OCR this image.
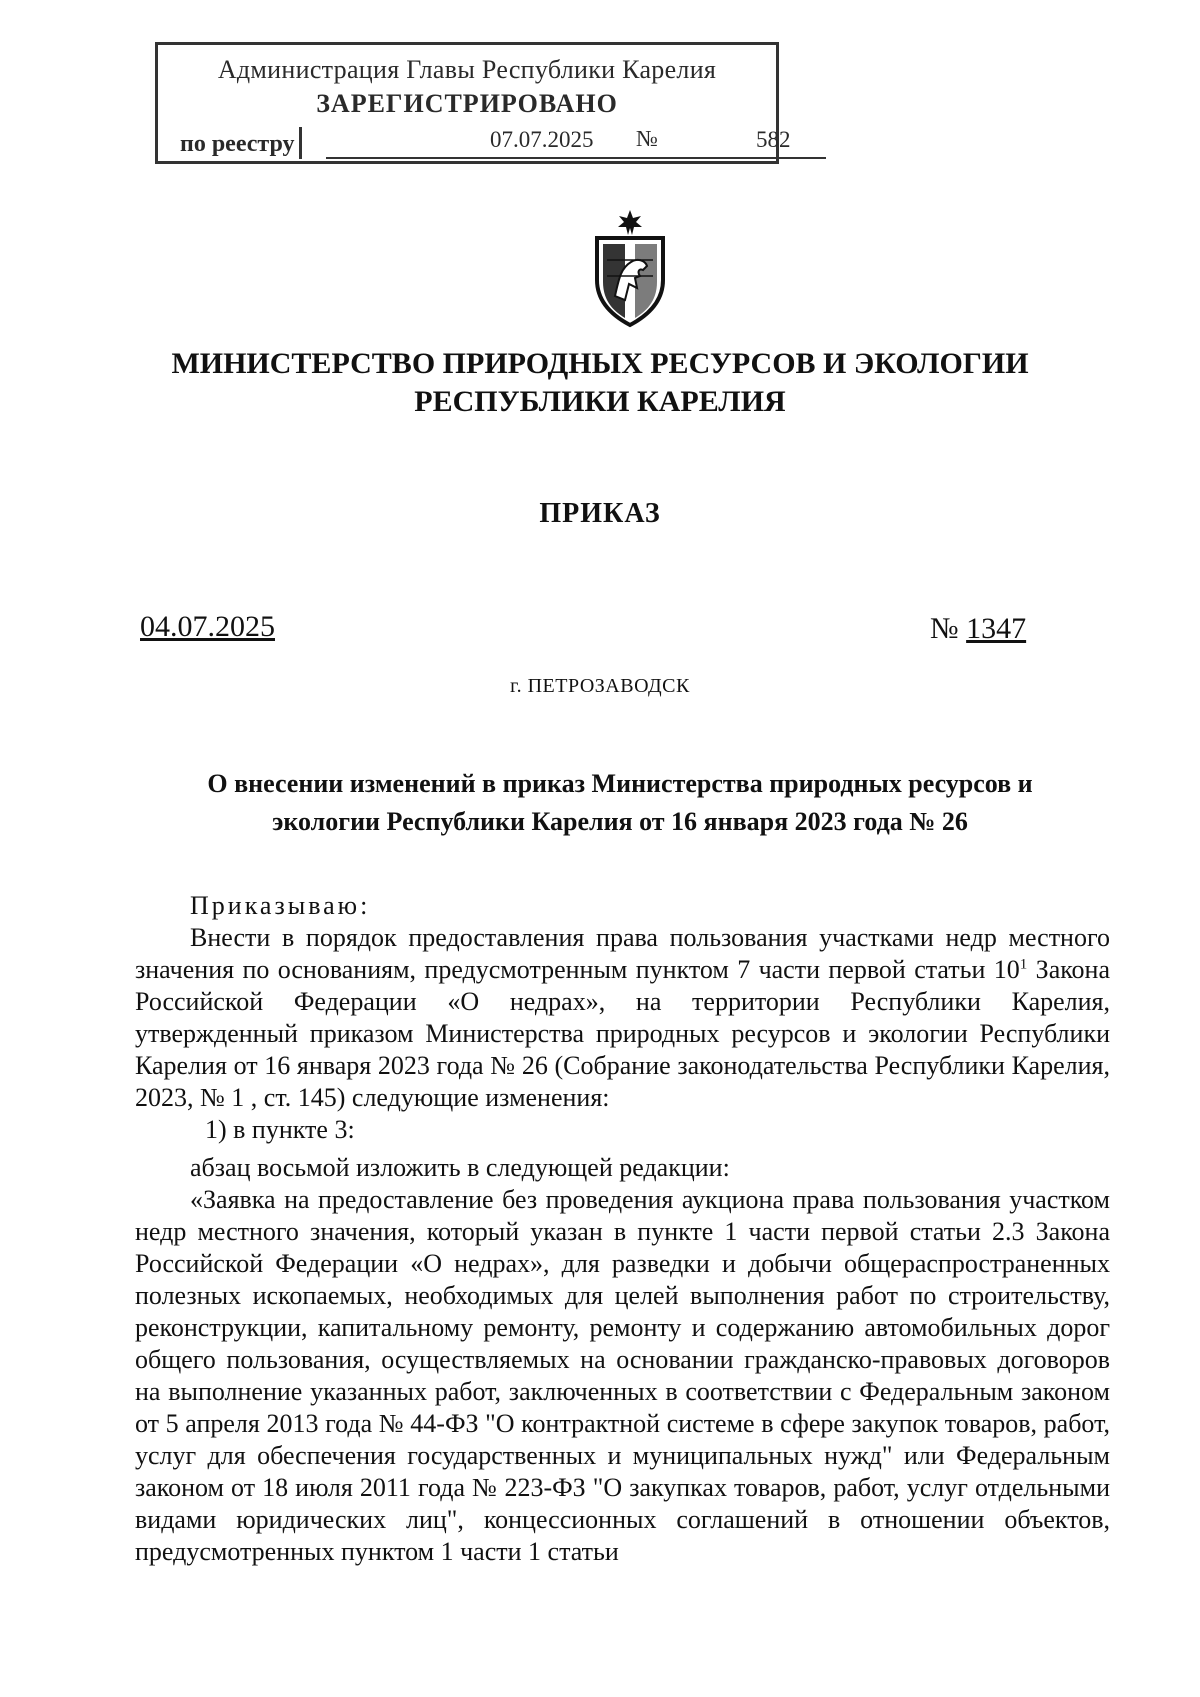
Администрация Главы Республики Карелия
ЗАРЕГИСТРИРОВАНО
по реестру	07.07.2025 №	582
МИНИСТЕРСТВО ПРИРОДНЫХ РЕСУРСОВ И ЭКОЛОГИИ
РЕСПУБЛИКИ КАРЕЛИЯ
ПРИКАЗ
04.07.2025	№ 1347
г. ПЕТРОЗАВОДСК
О внесении изменений в приказ Министерства природных ресурсов и
экологии Республики Карелия от 16 января 2023 года № 26

Приказываю:

Внести в порядок предоставления права пользования участками недр местного значения по основаниям, предусмотренным пунктом 7 части первой статьи $10^1$ Закона Российской Федерации «О недрах», на территории Республики Карелия, утвержденный приказом Министерства природных ресурсов и экологии Республики Карелия от 16 января 2023 года № 26 (Собрание законодательства Республики Карелия, 2023, № 1 , ст. 145) следующие изменения:

1) в пункте 3:

абзац восьмой изложить в следующей редакции:

«Заявка на предоставление без проведения аукциона права пользования участком недр местного значения, который указан в пункте 1 части первой статьи 2.3 Закона Российской Федерации «О недрах», для разведки и добычи общераспространенных полезных ископаемых, необходимых для целей выполнения работ по строительству, реконструкции, капитальному ремонту, ремонту и содержанию автомобильных дорог общего пользования, осуществляемых на основании гражданско-правовых договоров на выполнение указанных работ, заключенных в соответствии с Федеральным законом от 5 апреля 2013 года № 44-ФЗ "О контрактной системе в сфере закупок товаров, работ, услуг для обеспечения государственных и муниципальных нужд" или Федеральным законом от 18 июля 2011 года № 223-ФЗ "О закупках товаров, работ, услуг отдельными видами юридических лиц", концессионных соглашений в отношении объектов, предусмотренных пунктом 1 части 1 статьи
